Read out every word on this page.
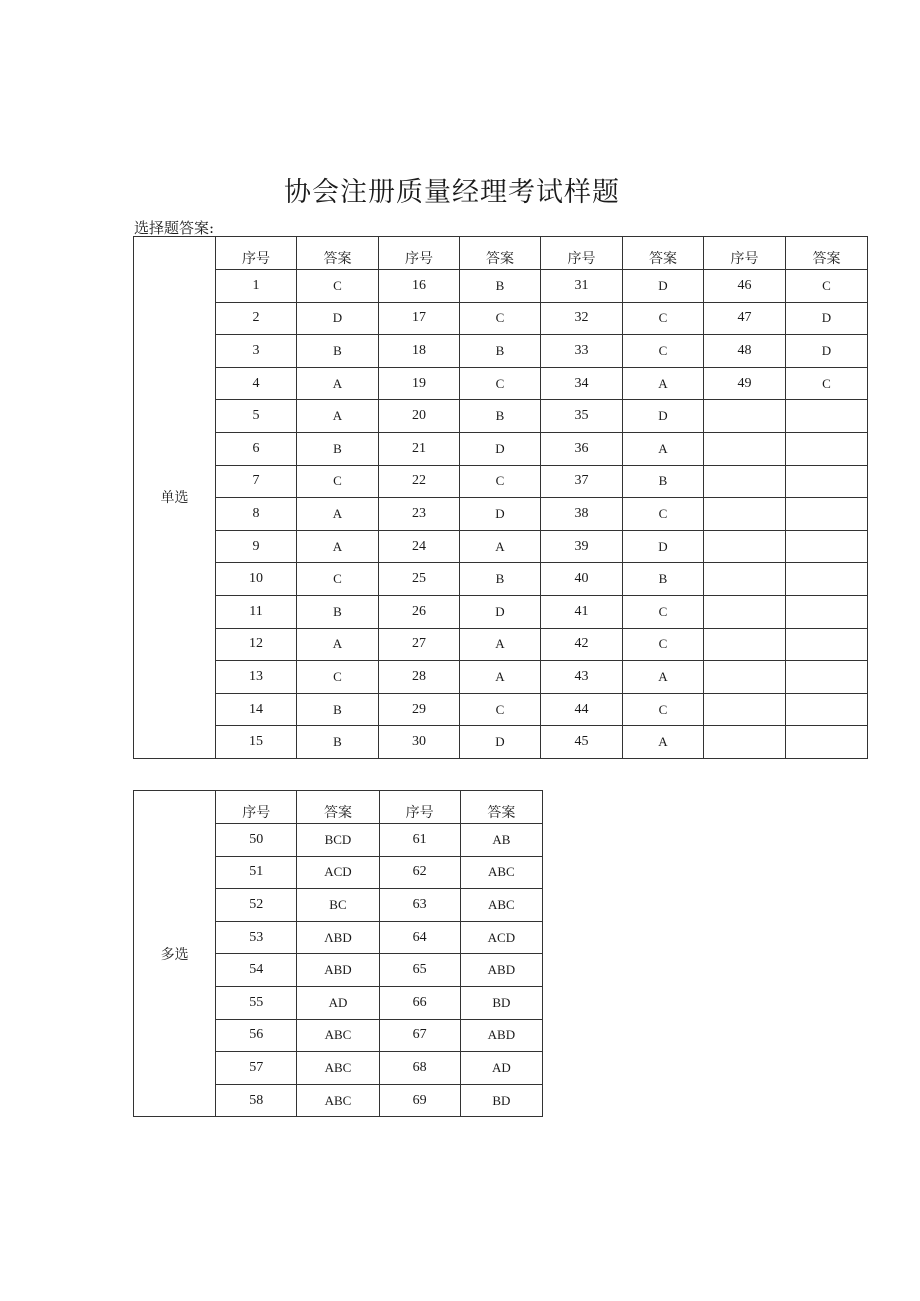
协会注册质量经理考试样题
选择题答案:
单选	序号	答案	序号	答案	序号	答案	序号	答案
	1	C	16	B	31	D	46	C
	2	D	17	C	32	C	47	D
	3	B	18	B	33	C	48	D
	4	A	19	C	34	A	49	C
	5	A	20	B	35	D		
	6	B	21	D	36	A		
	7	C	22	C	37	B		
	8	A	23	D	38	C		
	9	A	24	A	39	D		
	10	C	25	B	40	B		
	11	B	26	D	41	C		
	12	A	27	A	42	C		
	13	C	28	A	43	A		
	14	B	29	C	44	C		
	15	B	30	D	45	A		
多选	序号	答案	序号	答案
	50	BCD	61	AB
	51	ACD	62	ABC
	52	BC	63	ABC
	53	ΛBD	64	ACD
	54	ABD	65	ABD
	55	AD	66	BD
	56	ABC	67	ABD
	57	ABC	68	AD
	58	ABC	69	BD
